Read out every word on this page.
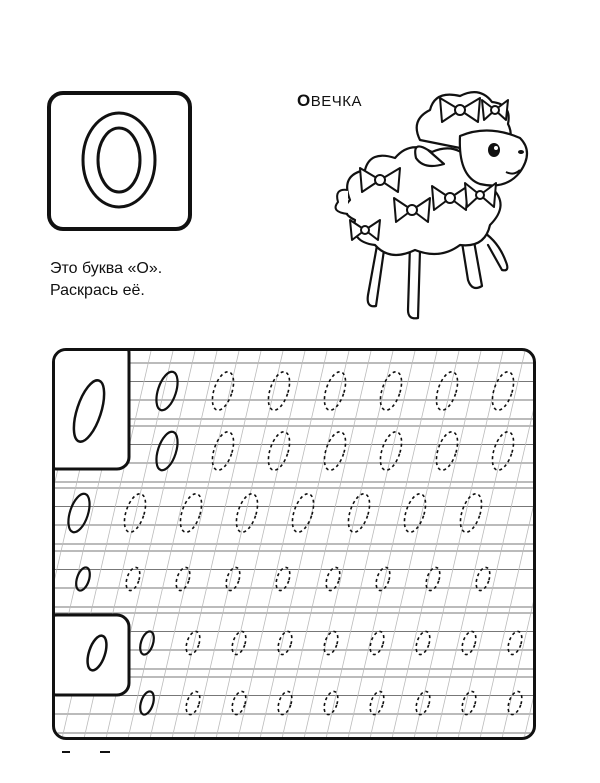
Это буква «О».
Раскрась её.
ОВЕЧКА
